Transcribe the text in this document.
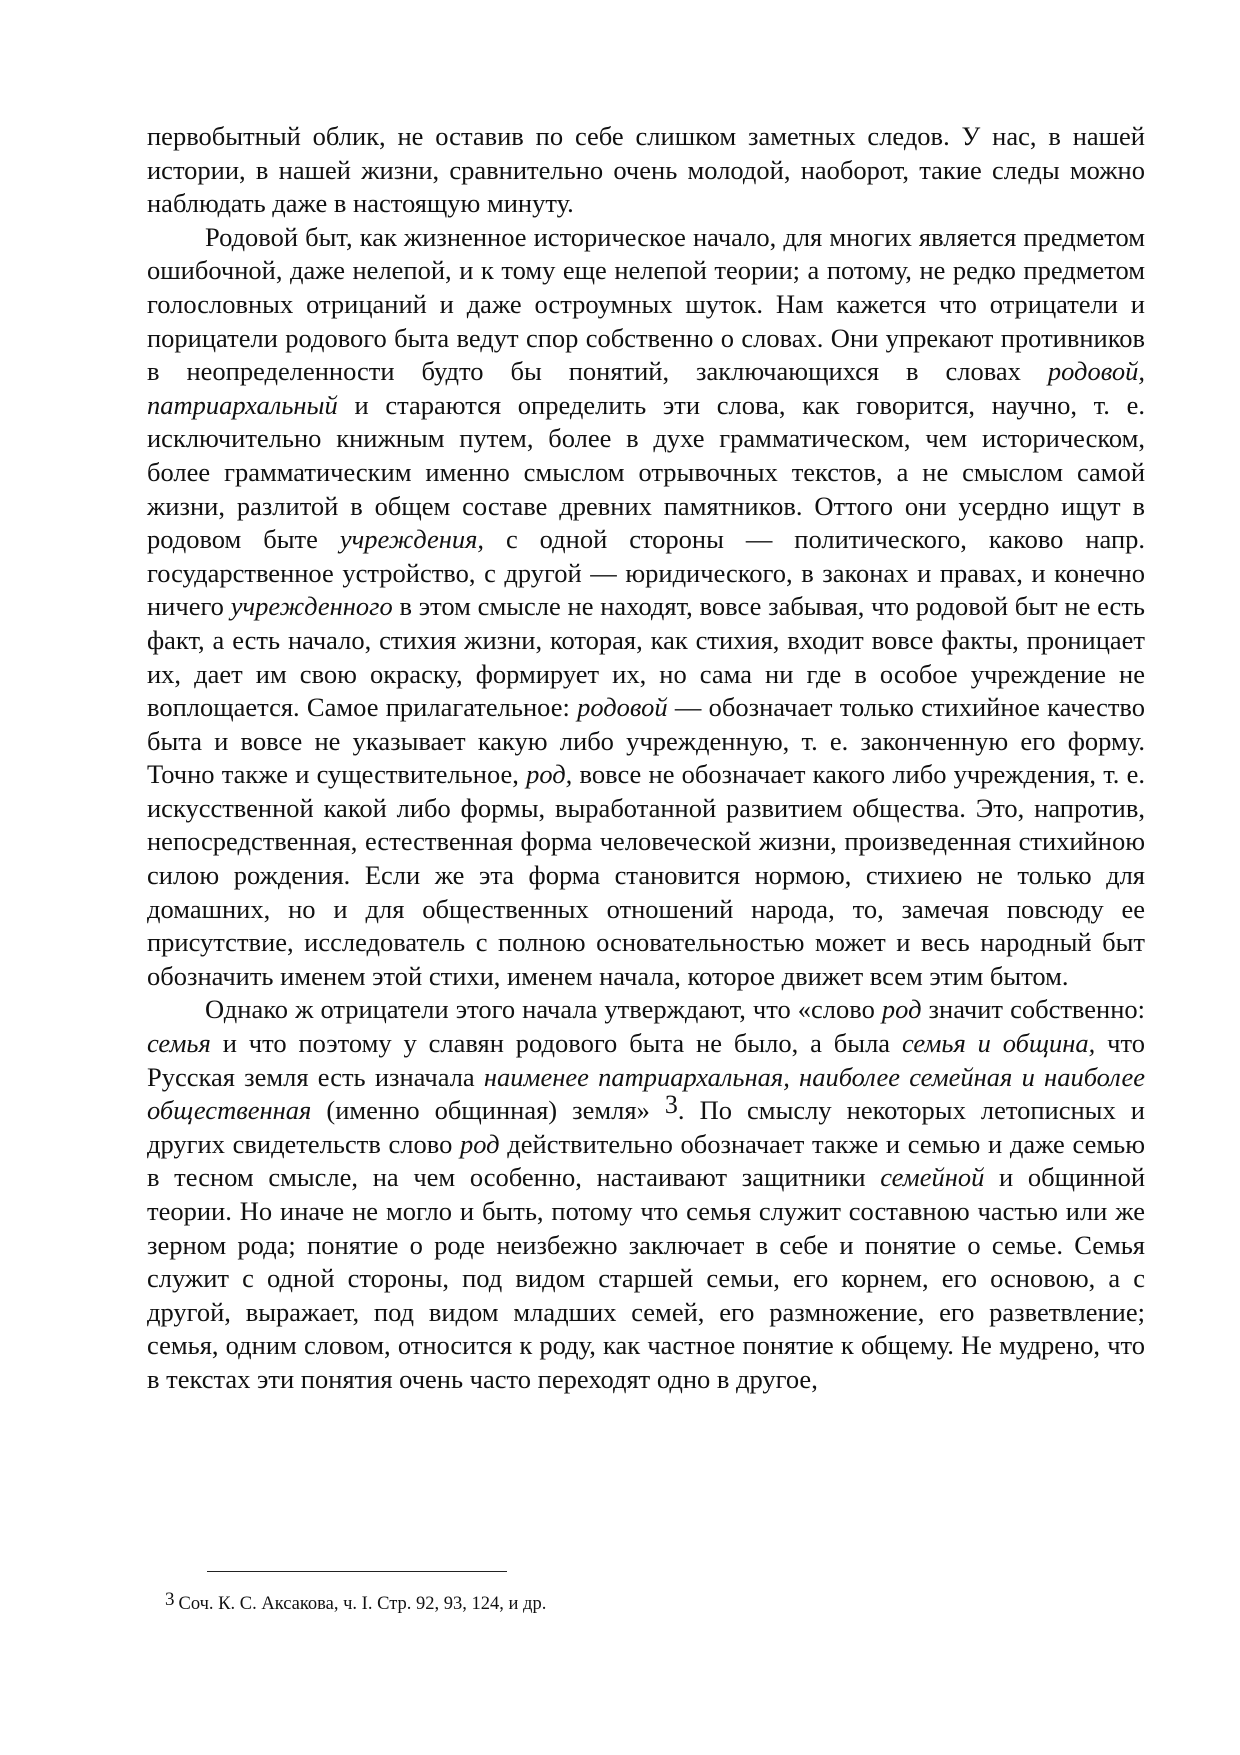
первобытный облик, не оставив по себе слишком заметных следов. У нас, в нашей истории, в нашей жизни, сравнительно очень молодой, наоборот, такие следы можно наблюдать даже в настоящую минуту.

Родовой быт, как жизненное историческое начало, для многих является предметом ошибочной, даже нелепой, и к тому еще нелепой теории; а потому, не редко предметом голословных отрицаний и даже остроумных шуток. Нам кажется что отрицатели и порицатели родового быта ведут спор собственно о словах. Они упрекают противников в неопределенности будто бы понятий, заключающихся в словах родовой, патриархальный и стараются определить эти слова, как говорится, научно, т. е. исключительно книжным путем, более в духе грамматическом, чем историческом, более грамматическим именно смыслом отрывочных текстов, а не смыслом самой жизни, разлитой в общем составе древних памятников. Оттого они усердно ищут в родовом быте учреждения, с одной стороны — политического, каково напр. государственное устройство, с другой — юридического, в законах и правах, и конечно ничего учрежденного в этом смысле не находят, вовсе забывая, что родовой быт не есть факт, а есть начало, стихия жизни, которая, как стихия, входит вовсе факты, проницает их, дает им свою окраску, формирует их, но сама ни где в особое учреждение не воплощается. Самое прилагательное: родовой — обозначает только стихийное качество быта и вовсе не указывает какую либо учрежденную, т. е. законченную его форму. Точно также и существительное, род, вовсе не обозначает какого либо учреждения, т. е. искусственной какой либо формы, выработанной развитием общества. Это, напротив, непосредственная, естественная форма человеческой жизни, произведенная стихийною силою рождения. Если же эта форма становится нормою, стихиею не только для домашних, но и для общественных отношений народа, то, замечая повсюду ее присутствие, исследователь с полною основательностью может и весь народный быт обозначить именем этой стихи, именем начала, которое движет всем этим бытом.

Однако ж отрицатели этого начала утверждают, что «слово род значит собственно: семья и что поэтому у славян родового быта не было, а была семья и община, что Русская земля есть изначала наименее патриархальная, наиболее семейная и наиболее общественная (именно общинная) земля» $^3$. По смыслу некоторых летописных и других свидетельств слово род действительно обозначает также и семью и даже семью в тесном смысле, на чем особенно, настаивают защитники семейной и общинной теории. Но иначе не могло и быть, потому что семья служит составною частью или же зерном рода; понятие о роде неизбежно заключает в себе и понятие о семье. Семья служит с одной стороны, под видом старшей семьи, его корнем, его основою, а с другой, выражает, под видом младших семей, его размножение, его разветвление; семья, одним словом, относится к роду, как частное понятие к общему. Не мудрено, что в текстах эти понятия очень часто переходят одно в другое,

$^3$ Соч. К. С. Аксакова, ч. I. Стр. 92, 93, 124, и др.
